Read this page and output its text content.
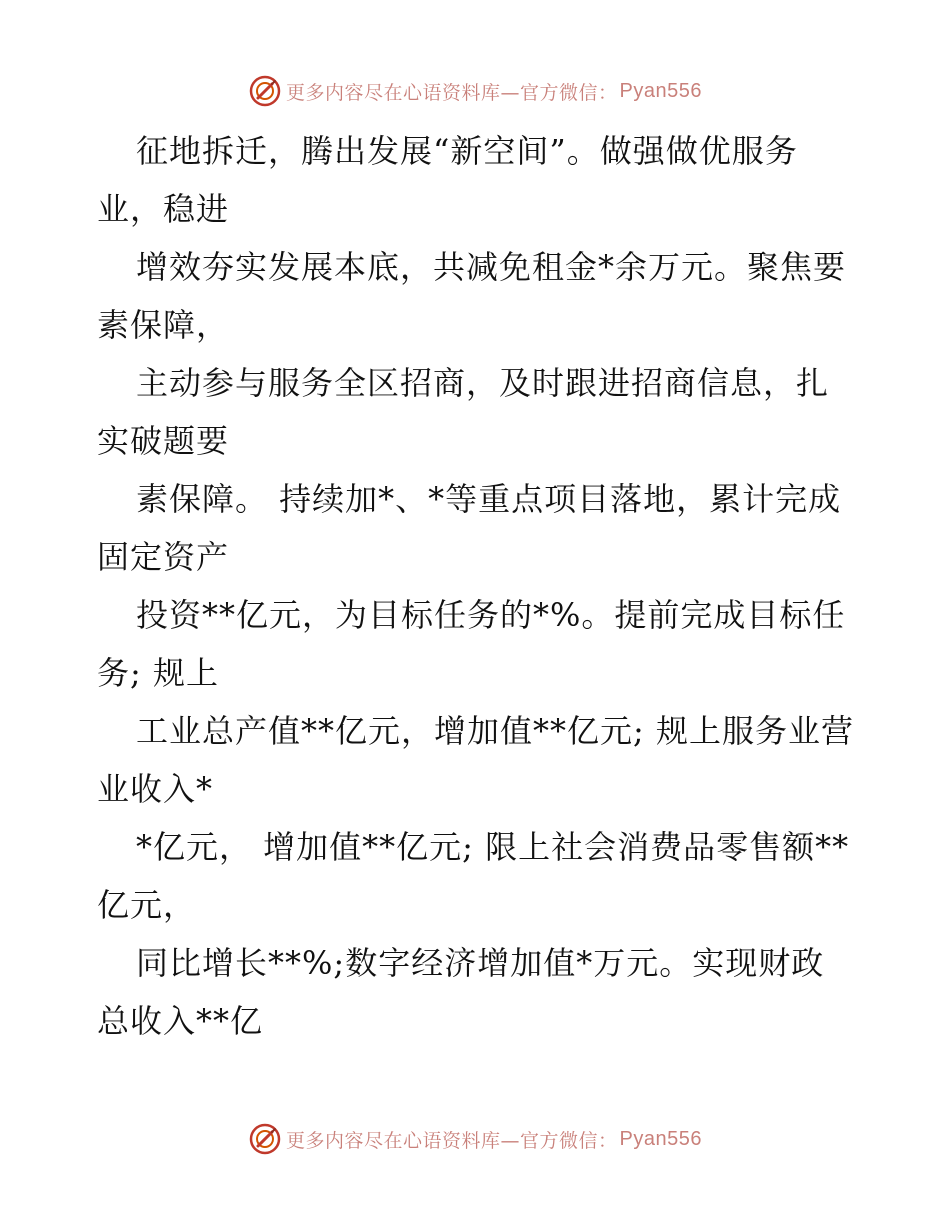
更多内容尽在心语资料库—官方微信： Pyan556

征地拆迁，腾出发展“新空间”。做强做优服务业，稳进

增效夯实发展本底，共减免租金*余万元。聚焦要素保障，

主动参与服务全区招商，及时跟进招商信息，扎实破题要

素保障。 持续加*、*等重点项目落地，累计完成固定资产

投资**亿元，为目标任务的*%。提前完成目标任务; 规上

工业总产值**亿元，增加值**亿元; 规上服务业营业收入*

*亿元， 增加值**亿元; 限上社会消费品零售额**亿元，

同比增长**%;数字经济增加值*万元。实现财政总收入**亿

更多内容尽在心语资料库—官方微信： Pyan556
